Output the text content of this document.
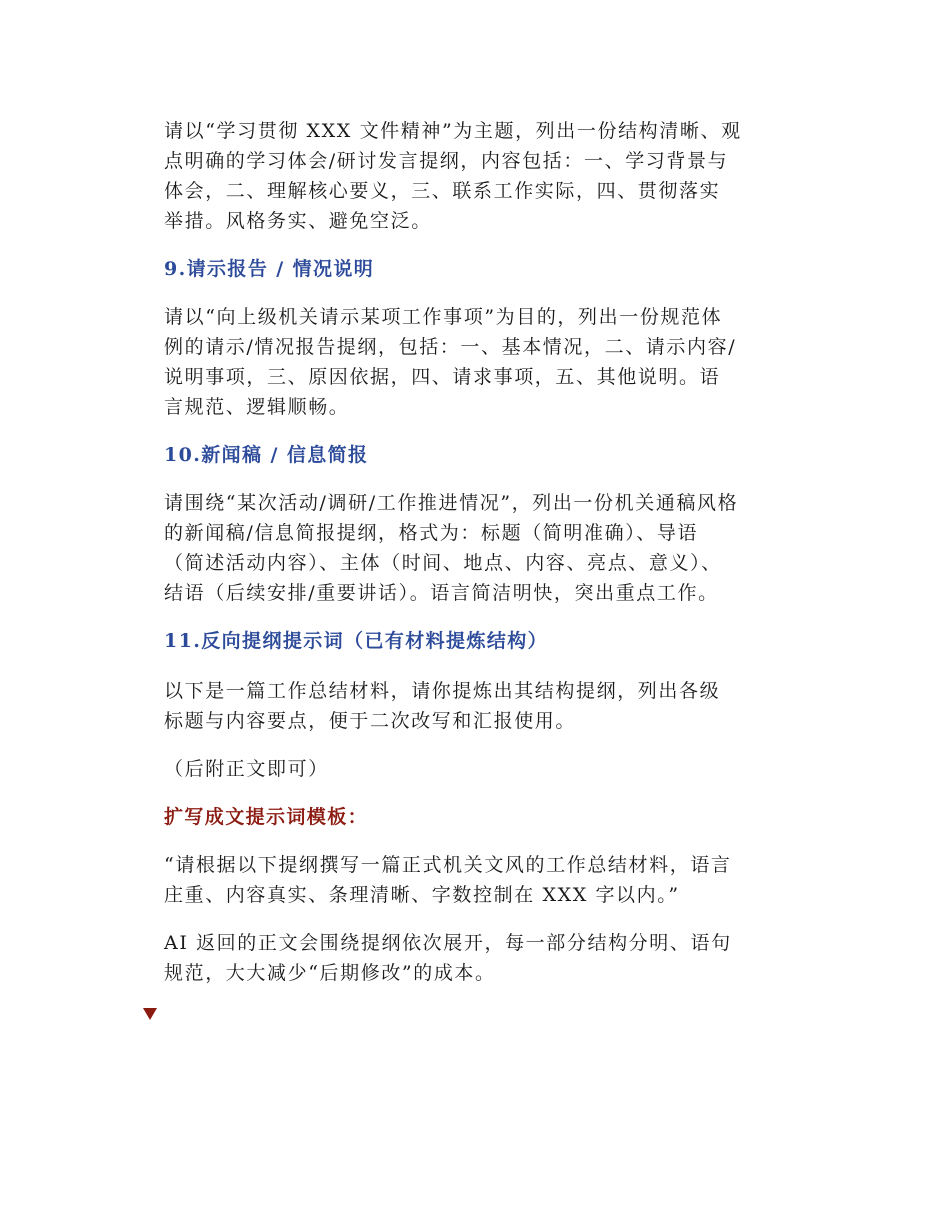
请以“学习贯彻 XXX 文件精神”为主题，列出一份结构清晰、观
点明确的学习体会/研讨发言提纲，内容包括：一、学习背景与
体会，二、理解核心要义，三、联系工作实际，四、贯彻落实
举措。风格务实、避免空泛。

9.请示报告 / 情况说明

请以“向上级机关请示某项工作事项”为目的，列出一份规范体
例的请示/情况报告提纲，包括：一、基本情况，二、请示内容/
说明事项，三、原因依据，四、请求事项，五、其他说明。语
言规范、逻辑顺畅。

10.新闻稿 / 信息简报

请围绕“某次活动/调研/工作推进情况”，列出一份机关通稿风格
的新闻稿/信息简报提纲，格式为：标题（简明准确）、导语
（简述活动内容）、主体（时间、地点、内容、亮点、意义）、
结语（后续安排/重要讲话）。语言简洁明快，突出重点工作。

11.反向提纲提示词（已有材料提炼结构）

以下是一篇工作总结材料，请你提炼出其结构提纲，列出各级
标题与内容要点，便于二次改写和汇报使用。

（后附正文即可）

扩写成文提示词模板：

“请根据以下提纲撰写一篇正式机关文风的工作总结材料，语言
庄重、内容真实、条理清晰、字数控制在 XXX 字以内。”

AI 返回的正文会围绕提纲依次展开，每一部分结构分明、语句
规范，大大减少“后期修改”的成本。
